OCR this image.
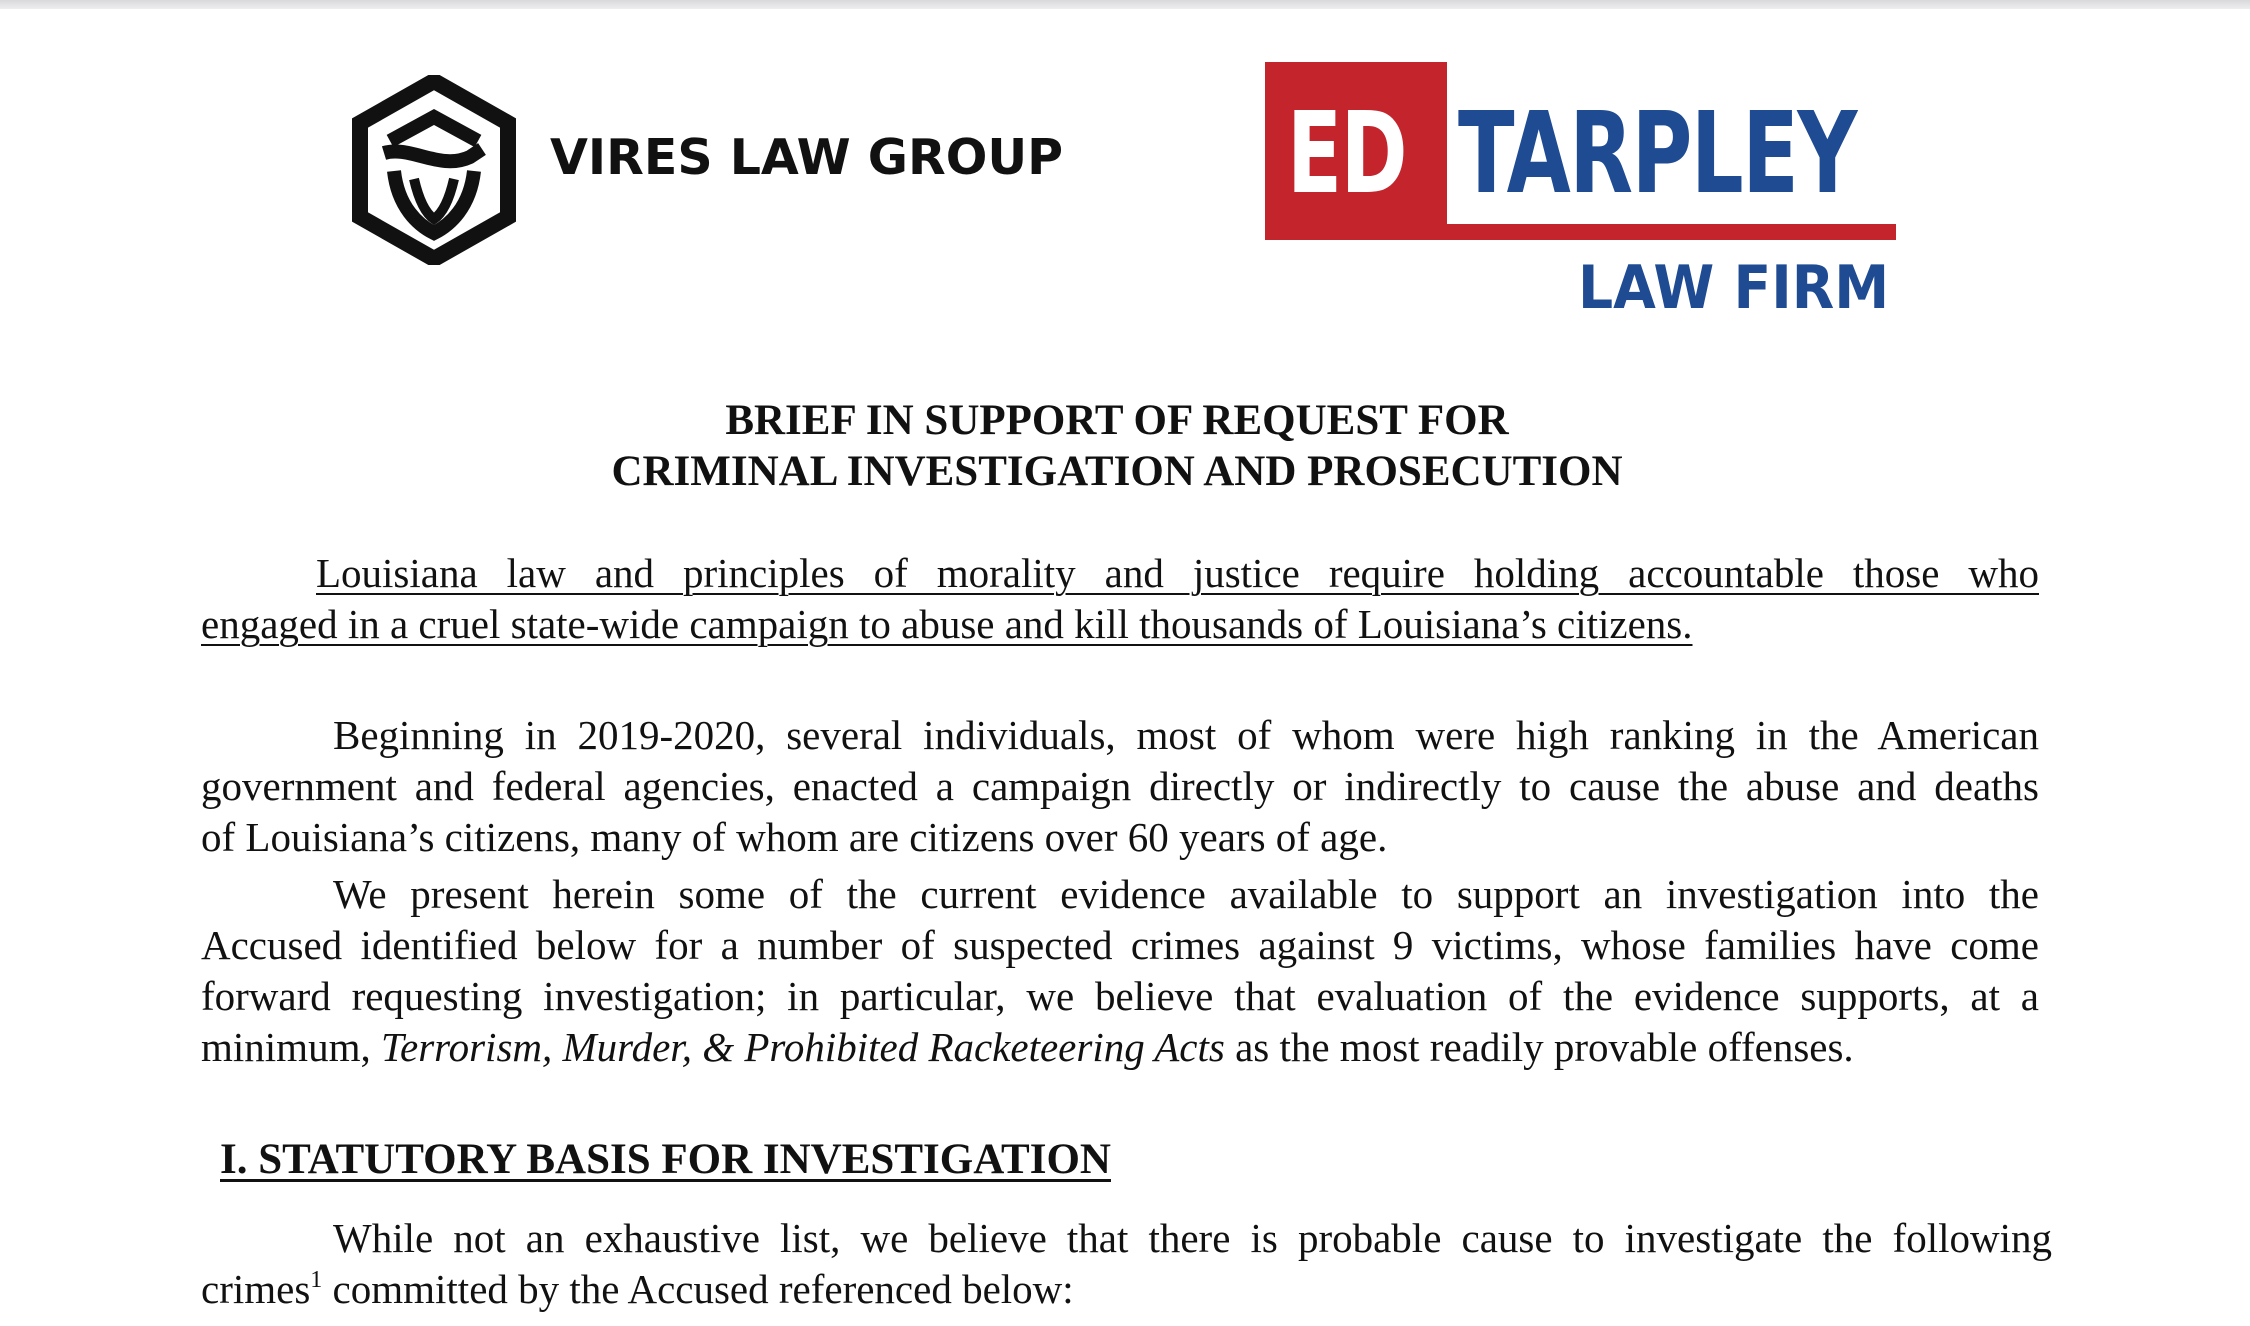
VIRES LAW GROUP ED TARPLEY
LAW FIRM
BRIEF IN SUPPORT OF REQUEST FOR
CRIMINAL INVESTIGATION AND PROSECUTION
Louisiana law and principles of morality and justice require holding accountable those who
engaged in a cruel state-wide campaign to abuse and kill thousands of Louisiana’s citizens.
Beginning in 2019-2020, several individuals, most of whom were high ranking in the American
government and federal agencies, enacted a campaign directly or indirectly to cause the abuse and deaths
of Louisiana’s citizens, many of whom are citizens over 60 years of age.
We present herein some of the current evidence available to support an investigation into the
Accused identified below for a number of suspected crimes against 9 victims, whose families have come
forward requesting investigation; in particular, we believe that evaluation of the evidence supports, at a
minimum, Terrorism, Murder, & Prohibited Racketeering Acts as the most readily provable offenses.
I. STATUTORY BASIS FOR INVESTIGATION
While not an exhaustive list, we believe that there is probable cause to investigate the following
crimes$^1$ committed by the Accused referenced below:
